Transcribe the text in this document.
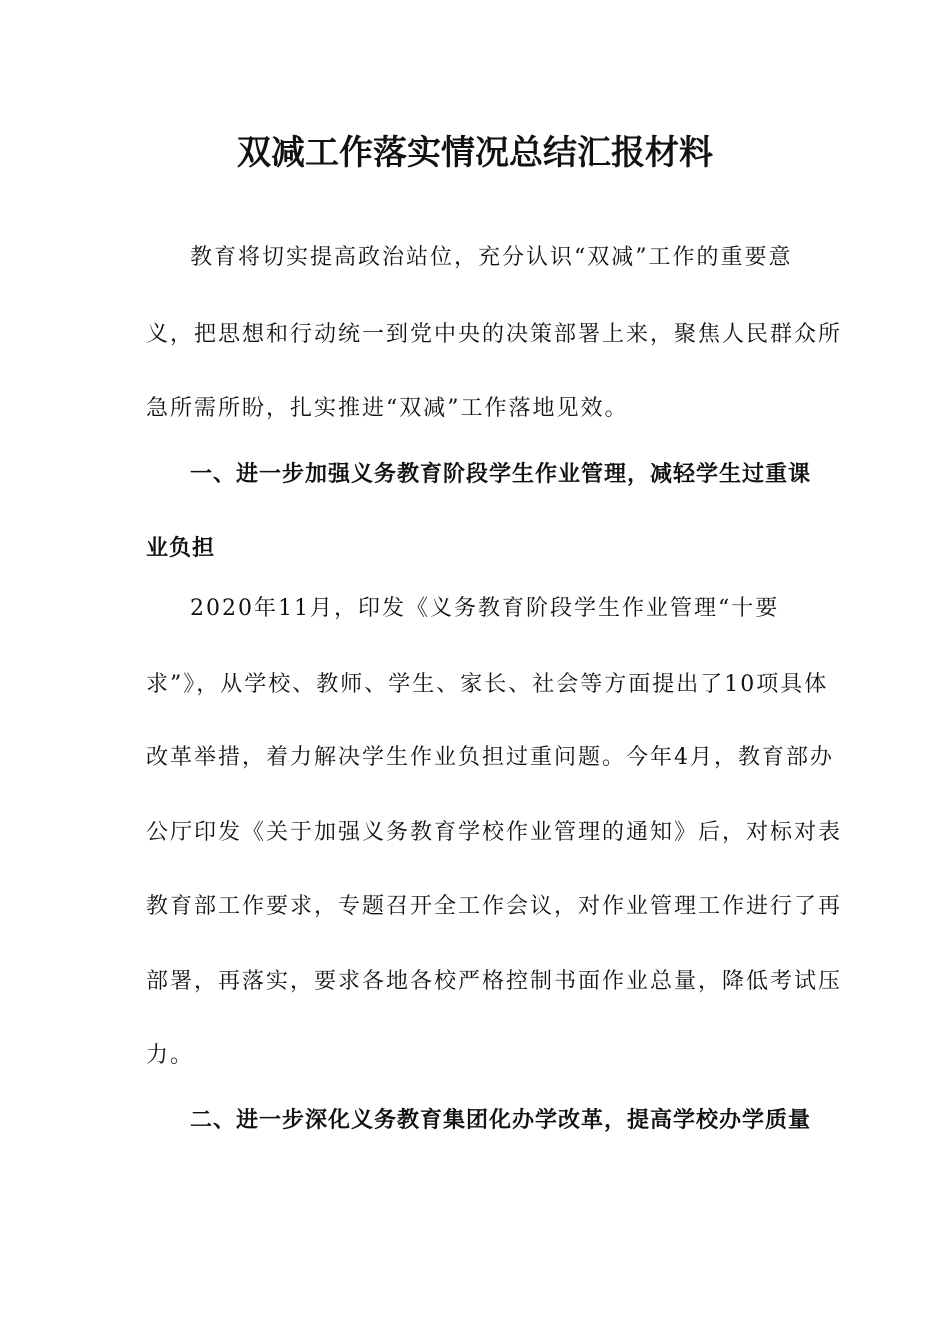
双减工作落实情况总结汇报材料
教育将切实提高政治站位，充分认识“双减”工作的重要意
义，把思想和行动统一到党中央的决策部署上来，聚焦人民群众所
急所需所盼，扎实推进“双减”工作落地见效。
一、进一步加强义务教育阶段学生作业管理，减轻学生过重课
业负担
2020年11月，印发《义务教育阶段学生作业管理“十要
求”》，从学校、教师、学生、家长、社会等方面提出了10项具体
改革举措，着力解决学生作业负担过重问题。今年4月，教育部办
公厅印发《关于加强义务教育学校作业管理的通知》后，对标对表
教育部工作要求，专题召开全工作会议，对作业管理工作进行了再
部署，再落实，要求各地各校严格控制书面作业总量，降低考试压
力。
二、进一步深化义务教育集团化办学改革，提高学校办学质量
